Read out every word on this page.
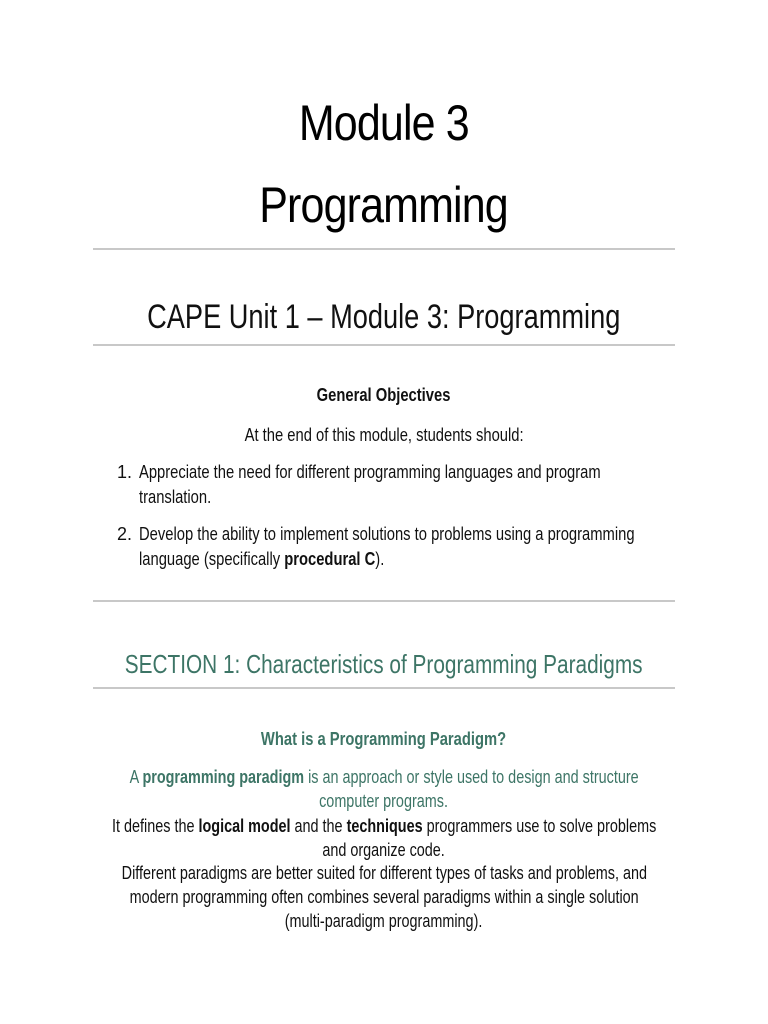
Module 3
Programming
CAPE Unit 1 – Module 3: Programming
General Objectives
At the end of this module, students should:
1. Appreciate the need for different programming languages and program
translation.
2. Develop the ability to implement solutions to problems using a programming
language (specifically procedural C).
SECTION 1: Characteristics of Programming Paradigms
What is a Programming Paradigm?
A programming paradigm is an approach or style used to design and structure
computer programs.
It defines the logical model and the techniques programmers use to solve problems
and organize code.
Different paradigms are better suited for different types of tasks and problems, and
modern programming often combines several paradigms within a single solution
(multi-paradigm programming).
